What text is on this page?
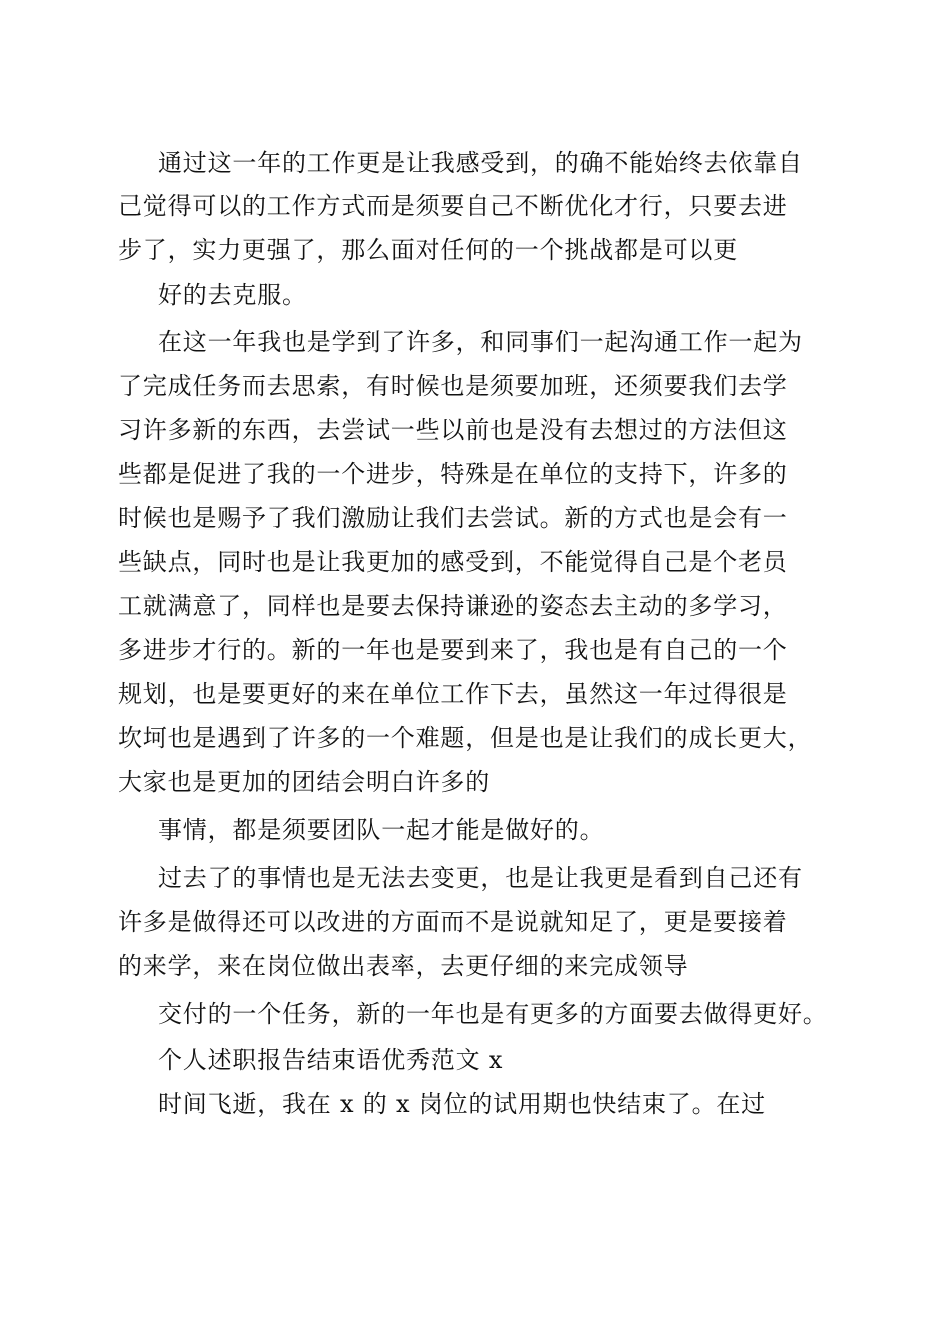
通过这一年的工作更是让我感受到，的确不能始终去依靠自
己觉得可以的工作方式而是须要自己不断优化才行，只要去进
步了，实力更强了，那么面对任何的一个挑战都是可以更
好的去克服。
在这一年我也是学到了许多，和同事们一起沟通工作一起为
了完成任务而去思索，有时候也是须要加班，还须要我们去学
习许多新的东西，去尝试一些以前也是没有去想过的方法但这
些都是促进了我的一个进步，特殊是在单位的支持下，许多的
时候也是赐予了我们激励让我们去尝试。新的方式也是会有一
些缺点，同时也是让我更加的感受到，不能觉得自己是个老员
工就满意了，同样也是要去保持谦逊的姿态去主动的多学习，
多进步才行的。新的一年也是要到来了，我也是有自己的一个
规划，也是要更好的来在单位工作下去，虽然这一年过得很是
坎坷也是遇到了许多的一个难题，但是也是让我们的成长更大，
大家也是更加的团结会明白许多的
事情，都是须要团队一起才能是做好的。
过去了的事情也是无法去变更，也是让我更是看到自己还有
许多是做得还可以改进的方面而不是说就知足了，更是要接着
的来学，来在岗位做出表率，去更仔细的来完成领导
交付的一个任务，新的一年也是有更多的方面要去做得更好。
个人述职报告结束语优秀范文 x
时间飞逝，我在 x 的 x 岗位的试用期也快结束了。在过
